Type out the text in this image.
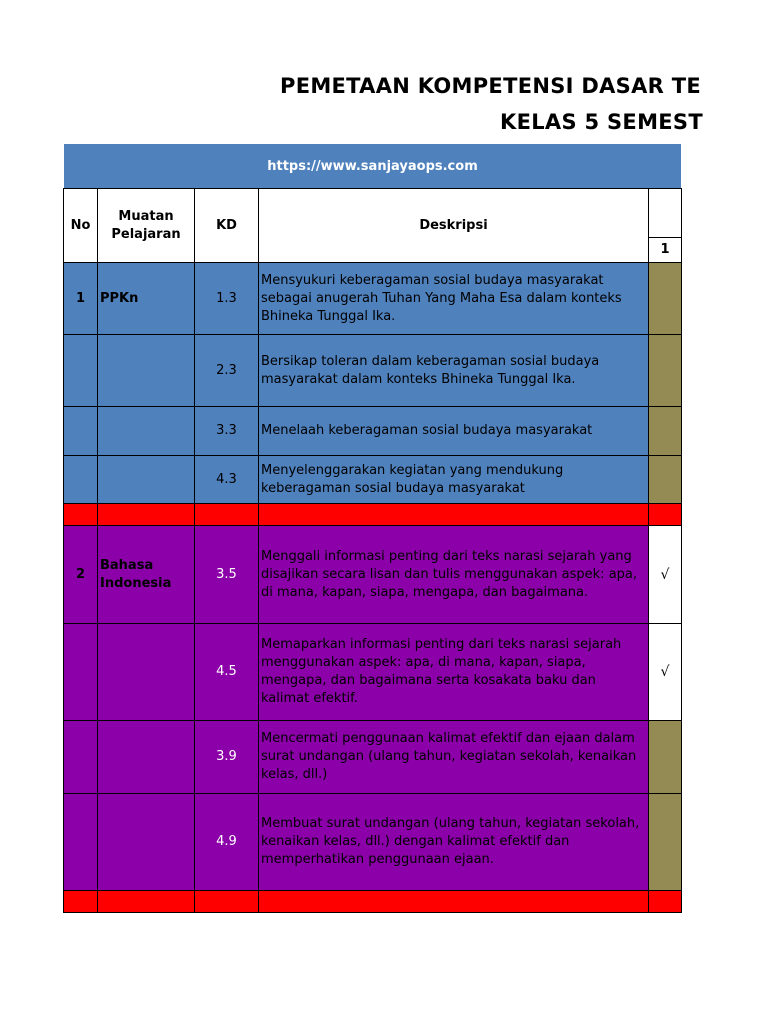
PEMETAAN KOMPETENSI DASAR TE
KELAS 5 SEMEST
https://www.sanjayaops.com
No	Muatan Pelajaran	KD	Deskripsi	1

1	PPKn	1.3	Mensyukuri keberagaman sosial budaya masyarakat sebagai anugerah Tuhan Yang Maha Esa dalam konteks Bhineka Tunggal Ika.	
		2.3	Bersikap toleran dalam keberagaman sosial budaya masyarakat dalam konteks Bhineka Tunggal Ika.	
		3.3	Menelaah keberagaman sosial budaya masyarakat	
		4.3	Menyelenggarakan kegiatan yang mendukung keberagaman sosial budaya masyarakat	

2	Bahasa Indonesia	3.5	Menggali informasi penting dari teks narasi sejarah yang disajikan secara lisan dan tulis menggunakan aspek: apa, di mana, kapan, siapa, mengapa, dan bagaimana.	√
		4.5	Memaparkan informasi penting dari teks narasi sejarah menggunakan aspek: apa, di mana, kapan, siapa, mengapa, dan bagaimana serta kosakata baku dan kalimat efektif.	√
		3.9	Mencermati penggunaan kalimat efektif dan ejaan dalam surat undangan (ulang tahun, kegiatan sekolah, kenaikan kelas, dll.)	
		4.9	Membuat surat undangan (ulang tahun, kegiatan sekolah, kenaikan kelas, dll.) dengan kalimat efektif dan memperhatikan penggunaan ejaan.	
